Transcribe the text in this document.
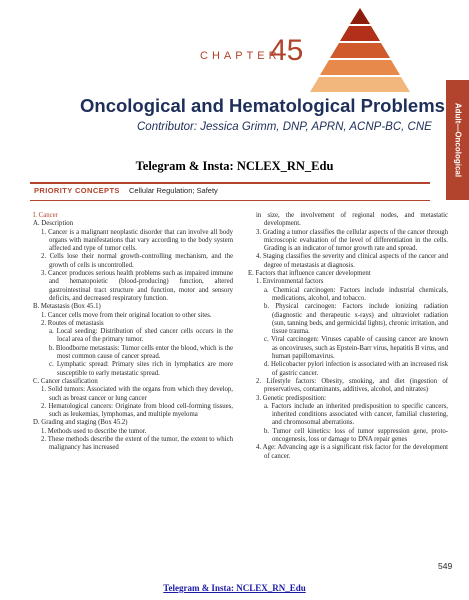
CHAPTER
45
Oncological and Hematological Problems
Contributor: Jessica Grimm, DNP, APRN, ACNP-BC, CNE	Adult—Oncological
Telegram & Insta: NCLEX_RN_Edu
PRIORITY CONCEPTS Cellular Regulation; Safety

I. Cancer

A. Description

1. Cancer is a malignant neoplastic disorder that can involve all body organs with manifestations that vary according to the body system affected and type of tumor cells.

2. Cells lose their normal growth-controlling mechanism, and the growth of cells is uncontrolled.

3. Cancer produces serious health problems such as impaired immune and hematopoietic (blood-producing) function, altered gastrointestinal tract structure and function, motor and sensory deficits, and decreased respiratory function.

B. Metastasis (Box 45.1)

1. Cancer cells move from their original location to other sites.

2. Routes of metastasis

a. Local seeding: Distribution of shed cancer cells occurs in the local area of the primary tumor.

b. Bloodborne metastasis: Tumor cells enter the blood, which is the most common cause of cancer spread.

c. Lymphatic spread: Primary sites rich in lymphatics are more susceptible to early metastatic spread.

C. Cancer classification

1. Solid tumors: Associated with the organs from which they develop, such as breast cancer or lung cancer

2. Hematological cancers: Originate from blood cell-forming tissues, such as leukemias, lymphomas, and multiple myeloma

D. Grading and staging (Box 45.2)

1. Methods used to describe the tumor.

2. These methods describe the extent of the tumor, the extent to which malignancy has increased

in size, the involvement of regional nodes, and metastatic development.

3. Grading a tumor classifies the cellular aspects of the cancer through microscopic evaluation of the level of differentiation in the cells. Grading is an indicator of tumor growth rate and spread.

4. Staging classifies the severity and clinical aspects of the cancer and degree of metastasis at diagnosis.

E. Factors that influence cancer development

1. Environmental factors

a. Chemical carcinogen: Factors include industrial chemicals, medications, alcohol, and tobacco.

b. Physical carcinogen: Factors include ionizing radiation (diagnostic and therapeutic x-rays) and ultraviolet radiation (sun, tanning beds, and germicidal lights), chronic irritation, and tissue trauma.

c. Viral carcinogen: Viruses capable of causing cancer are known as oncoviruses, such as Epstein-Barr virus, hepatitis B virus, and human papillomavirus.

d. Helicobacter pylori infection is associated with an increased risk of gastric cancer.

2. Lifestyle factors: Obesity, smoking, and diet (ingestion of preservatives, contaminants, additives, alcohol, and nitrates)

3. Genetic predisposition:

a. Factors include an inherited predisposition to specific cancers, inherited conditions associated with cancer, familial clustering, and chromosomal aberrations.

b. Tumor cell kinetics: loss of tumor suppression gene, proto-oncogenesis, loss or damage to DNA repair genes

4. Age: Advancing age is a significant risk factor for the development of cancer.

549
Telegram & Insta: NCLEX_RN_Edu
